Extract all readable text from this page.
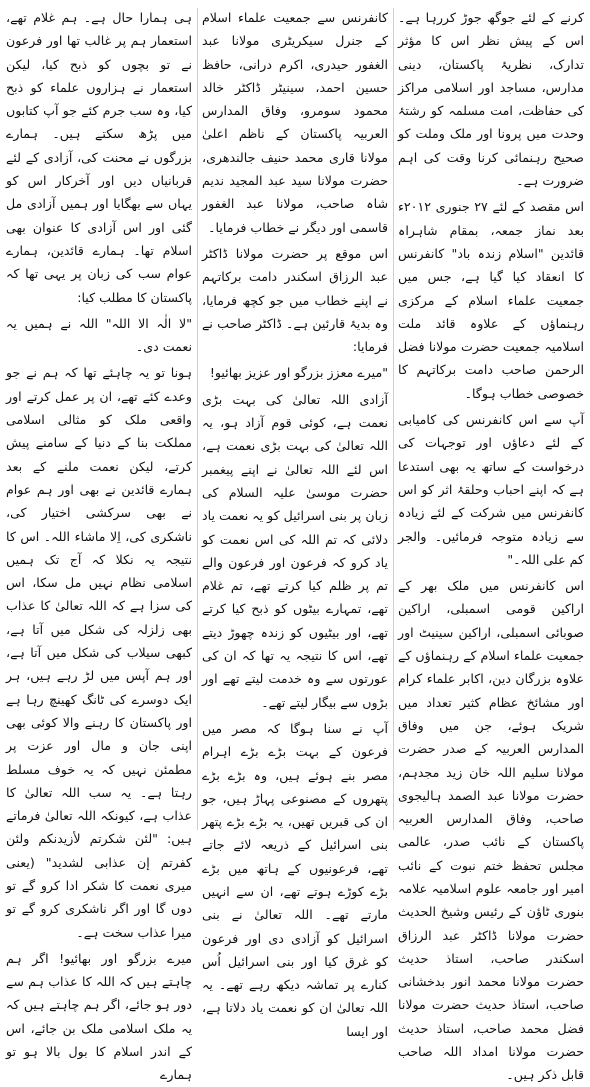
کرنے کے لئے جوگھ جوڑ کررہا ہے۔ اس کے پیش نظر اس کا مؤثر تدارک، نظریۂ پاکستان، دینی مدارس، مساجد اور اسلامی مراکز کی حفاظت، امت مسلمہ کو رشتۂ وحدت میں پرونا اور ملک وملت کو صحیح رہنمائی کرنا وقت کی اہم ضرورت ہے۔

اس مقصد کے لئے ۲۷ جنوری ۲۰۱۲ء بعد نماز جمعہ، بمقام شاہراہ قائدین "اسلام زندہ باد" کانفرنس کا انعقاد کیا گیا ہے، جس میں جمعیت علماء اسلام کے مرکزی رہنماؤں کے علاوہ قائد ملت اسلامیہ جمعیت حضرت مولانا فضل الرحمن صاحب دامت برکاتہم کا خصوصی خطاب ہوگا۔

آپ سے اس کانفرنس کی کامیابی کے لئے دعاؤں اور توجہات کی درخواست کے ساتھ یہ بھی استدعا ہے کہ اپنے احباب وحلقۂ اثر کو اس کانفرنس میں شرکت کے لئے زیادہ سے زیادہ متوجہ فرمائیں۔ والجر کم علی اللہ۔"

اس کانفرنس میں ملک بھر کے اراکین قومی اسمبلی، اراکین صوبائی اسمبلی، اراکین سینیٹ اور جمعیت علماء اسلام کے رہنماؤں کے علاوہ بزرگان دین، اکابر علماء کرام اور مشائخ عظام کثیر تعداد میں شریک ہوئے، جن میں وفاق المدارس العربیہ کے صدر حضرت مولانا سلیم اللہ خان زید مجدہم، حضرت مولانا عبد الصمد ہالیجوی صاحب، وفاق المدارس العربیہ پاکستان کے نائب صدر، عالمی مجلس تحفظ ختم نبوت کے نائب امیر اور جامعہ علوم اسلامیہ علامہ بنوری ٹاؤن کے رئیس وشیخ الحدیث حضرت مولانا ڈاکٹر عبد الرزاق اسکندر صاحب، استاذ حدیث حضرت مولانا محمد انور بدخشانی صاحب، استاذ حدیث حضرت مولانا فضل محمد صاحب، استاذ حدیث حضرت مولانا امداد اللہ صاحب قابل ذکر ہیں۔

کانفرنس سے جمعیت علماء اسلام کے جنرل سیکریٹری مولانا عبد الغفور حیدری، اکرم درانی، حافظ حسین احمد، سینیٹر ڈاکٹر خالد محمود سومرو، وفاق المدارس العربیہ پاکستان کے ناظم اعلیٰ مولانا قاری محمد حنیف جالندھری، حضرت مولانا سید عبد المجید ندیم شاہ صاحب، مولانا عبد الغفور قاسمی اور دیگر نے خطاب فرمایا۔

اس موقع پر حضرت مولانا ڈاکٹر عبد الرزاق اسکندر دامت برکاتہم نے اپنے خطاب میں جو کچھ فرمایا، وہ بدیۂ قارئین ہے۔ ڈاکٹر صاحب نے فرمایا:

"میرے معزز بزرگو اور عزیز بھائیو!

آزادی اللہ تعالیٰ کی بہت بڑی نعمت ہے، کوئی قوم آزاد ہو، یہ اللہ تعالیٰ کی بہت بڑی نعمت ہے، اس لئے اللہ تعالیٰ نے اپنے پیغمبر حضرت موسیٰ علیہ السلام کی زبان پر بنی اسرائیل کو یہ نعمت یاد دلائی کہ تم اللہ کی اس نعمت کو یاد کرو کہ فرعون اور فرعون والے تم پر ظلم کیا کرتے تھے، تم غلام تھے، تمہارے بیٹوں کو ذبح کیا کرتے تھے، اور بیٹیوں کو زندہ چھوڑ دیتے تھے، اس کا نتیجہ یہ تھا کہ ان کی عورتوں سے وہ خدمت لیتے تھے اور بڑوں سے بیگار لیتے تھے۔

آپ نے سنا ہوگا کہ مصر میں فرعون کے بہت بڑے بڑے اہرام مصر بنے ہوئے ہیں، وہ بڑے بڑے پتھروں کے مصنوعی پہاڑ ہیں، جو ان کی قبریں تھیں، یہ بڑے بڑے پتھر بنی اسرائیل کے ذریعہ لائے جاتے تھے، فرعونیوں کے ہاتھ میں بڑے بڑے کوڑے ہوتے تھے، ان سے انہیں مارتے تھے۔ اللہ تعالیٰ نے بنی اسرائیل کو آزادی دی اور فرعون کو غرق کیا اور بنی اسرائیل اُس کنارے پر تماشہ دیکھ رہے تھے۔ یہ اللہ تعالیٰ ان کو نعمت یاد دلاتا ہے، اور ایسا

ہی ہمارا حال ہے۔ ہم غلام تھے، استعمار ہم پر غالب تھا اور فرعون نے تو بچوں کو ذبح کیا، لیکن استعمار نے ہزاروں علماء کو ذبح کیا، وہ سب جرم کئے جو آپ کتابوں میں پڑھ سکتے ہیں۔ ہمارے بزرگوں نے محنت کی، آزادی کے لئے قربانیاں دیں اور آخرکار اس کو یہاں سے بھگایا اور ہمیں آزادی مل گئی اور اس آزادی کا عنوان بھی اسلام تھا۔ ہمارے قائدین، ہمارے عوام سب کی زبان پر یہی تھا کہ پاکستان کا مطلب کیا:

"لا الٰہ الا اللہ" اللہ نے ہمیں یہ نعمت دی۔

ہونا تو یہ چاہئے تھا کہ ہم نے جو وعدے کئے تھے، ان پر عمل کرتے اور واقعی ملک کو مثالی اسلامی مملکت بنا کے دنیا کے سامنے پیش کرتے، لیکن نعمت ملنے کے بعد ہمارے قائدین نے بھی اور ہم عوام نے بھی سرکشی اختیار کی، ناشکری کی، اِلا ماشاء اللہ۔ اس کا نتیجہ یہ نکلا کہ آج تک ہمیں اسلامی نظام نہیں مل سکا، اس کی سزا ہے کہ اللہ تعالیٰ کا عذاب بھی زلزلہ کی شکل میں آتا ہے، کبھی سیلاب کی شکل میں آتا ہے، اور ہم آپس میں لڑ رہے ہیں، ہر ایک دوسرے کی ٹانگ کھینچ رہا ہے اور پاکستان کا رہنے والا کوئی بھی اپنی جان و مال اور عزت پر مطمئن نہیں کہ یہ خوف مسلط رہتا ہے۔ یہ سب اللہ تعالیٰ کا عذاب ہے، کیونکہ اللہ تعالیٰ فرماتے ہیں: "لئن شکرتم لأزیدنکم ولئن کفرتم إن عذابی لشدید" (یعنی میری نعمت کا شکر ادا کرو گے تو دوں گا اور اگر ناشکری کرو گے تو میرا عذاب سخت ہے۔

میرے بزرگو اور بھائیو! اگر ہم چاہتے ہیں کہ اللہ کا عذاب ہم سے دور ہو جائے، اگر ہم چاہتے ہیں کہ یہ ملک اسلامی ملک بن جائے، اس کے اندر اسلام کا بول بالا ہو تو ہمارے
